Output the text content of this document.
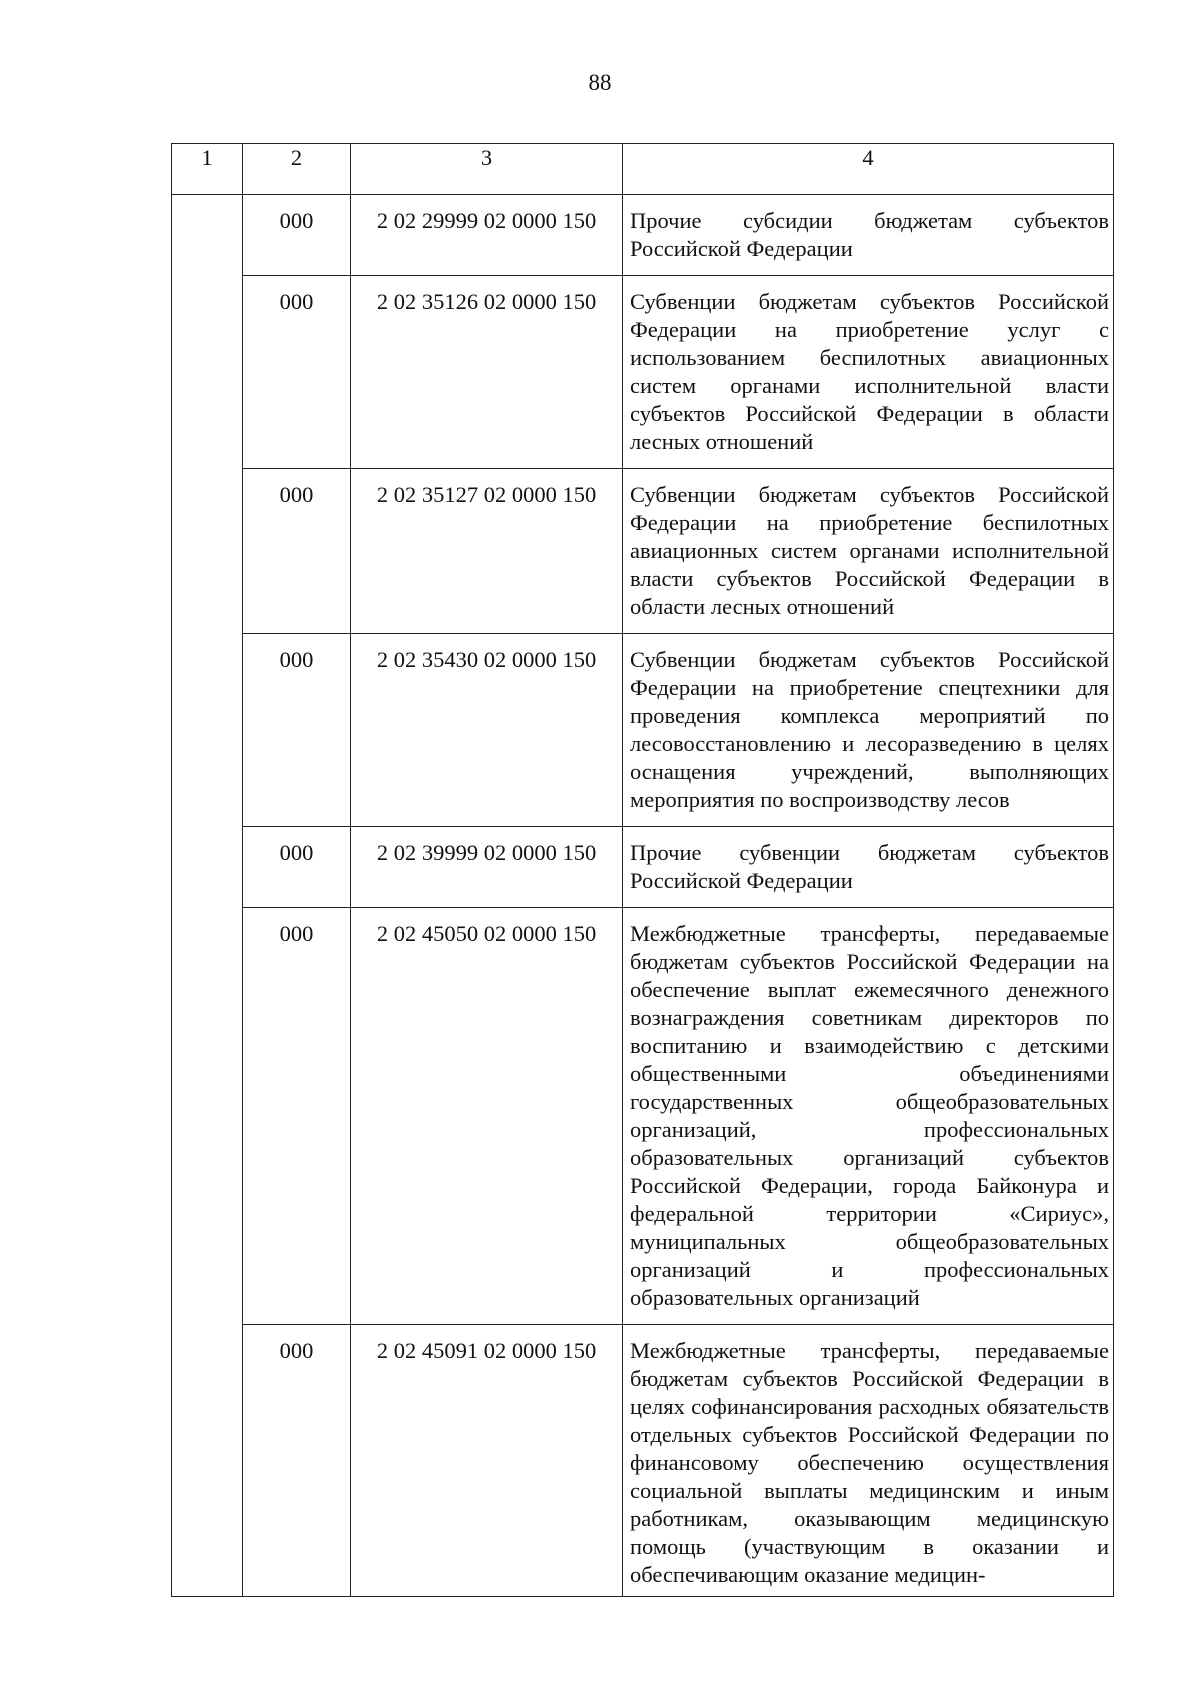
88
1	2	3	4
	000	2 02 29999 02 0000 150	Прочие субсидии бюджетам субъектов Российской Федерации
	000	2 02 35126 02 0000 150	Субвенции бюджетам субъектов Российской Федерации на приобретение услуг с использованием беспилотных авиационных систем органами исполнительной власти субъектов Российской Федерации в области лесных отношений
	000	2 02 35127 02 0000 150	Субвенции бюджетам субъектов Российской Федерации на приобретение беспилотных авиационных систем органами исполнительной власти субъектов Российской Федерации в области лесных отношений
	000	2 02 35430 02 0000 150	Субвенции бюджетам субъектов Российской Федерации на приобретение спецтехники для проведения комплекса мероприятий по лесовосстановлению и лесоразведению в целях оснащения учреждений, выполняющих мероприятия по воспроизводству лесов
	000	2 02 39999 02 0000 150	Прочие субвенции бюджетам субъектов Российской Федерации
	000	2 02 45050 02 0000 150	Межбюджетные трансферты, передаваемые бюджетам субъектов Российской Федерации на обеспечение выплат ежемесячного денежного вознаграждения советникам директоров по воспитанию и взаимодействию с детскими общественными объединениями государственных общеобразовательных организаций, профессиональных образовательных организаций субъектов Российской Федерации, города Байконура и федеральной территории «Сириус», муниципальных общеобразовательных организаций и профессиональных образовательных организаций
	000	2 02 45091 02 0000 150	Межбюджетные трансферты, передаваемые бюджетам субъектов Российской Федерации в целях софинансирования расходных обязательств отдельных субъектов Российской Федерации по финансовому обеспечению осуществления социальной выплаты медицинским и иным работникам, оказывающим медицинскую помощь (участвующим в оказании и обеспечивающим оказание медицин-
